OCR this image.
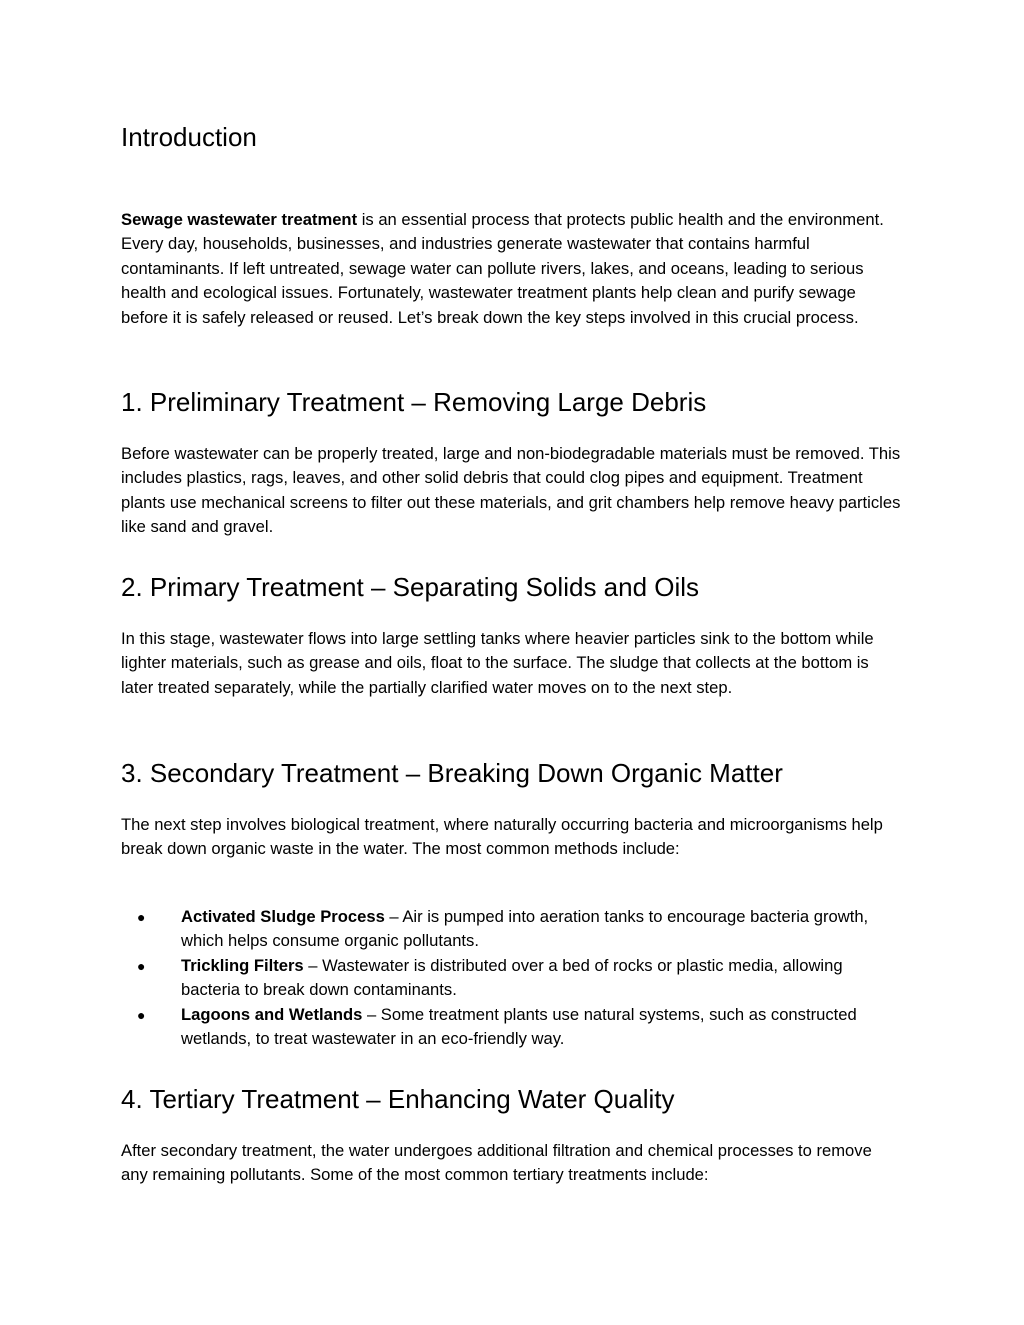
Introduction

Sewage wastewater treatment is an essential process that protects public health and the environment. Every day, households, businesses, and industries generate wastewater that contains harmful contaminants. If left untreated, sewage water can pollute rivers, lakes, and oceans, leading to serious health and ecological issues. Fortunately, wastewater treatment plants help clean and purify sewage before it is safely released or reused. Let’s break down the key steps involved in this crucial process.

1. Preliminary Treatment – Removing Large Debris

Before wastewater can be properly treated, large and non-biodegradable materials must be removed. This includes plastics, rags, leaves, and other solid debris that could clog pipes and equipment. Treatment plants use mechanical screens to filter out these materials, and grit chambers help remove heavy particles like sand and gravel.

2. Primary Treatment – Separating Solids and Oils

In this stage, wastewater flows into large settling tanks where heavier particles sink to the bottom while lighter materials, such as grease and oils, float to the surface. The sludge that collects at the bottom is later treated separately, while the partially clarified water moves on to the next step.

3. Secondary Treatment – Breaking Down Organic Matter

The next step involves biological treatment, where naturally occurring bacteria and microorganisms help break down organic waste in the water. The most common methods include:

● Activated Sludge Process – Air is pumped into aeration tanks to encourage bacteria growth, which helps consume organic pollutants.
● Trickling Filters – Wastewater is distributed over a bed of rocks or plastic media, allowing bacteria to break down contaminants.
● Lagoons and Wetlands – Some treatment plants use natural systems, such as constructed wetlands, to treat wastewater in an eco-friendly way.
4. Tertiary Treatment – Enhancing Water Quality

After secondary treatment, the water undergoes additional filtration and chemical processes to remove any remaining pollutants. Some of the most common tertiary treatments include:
